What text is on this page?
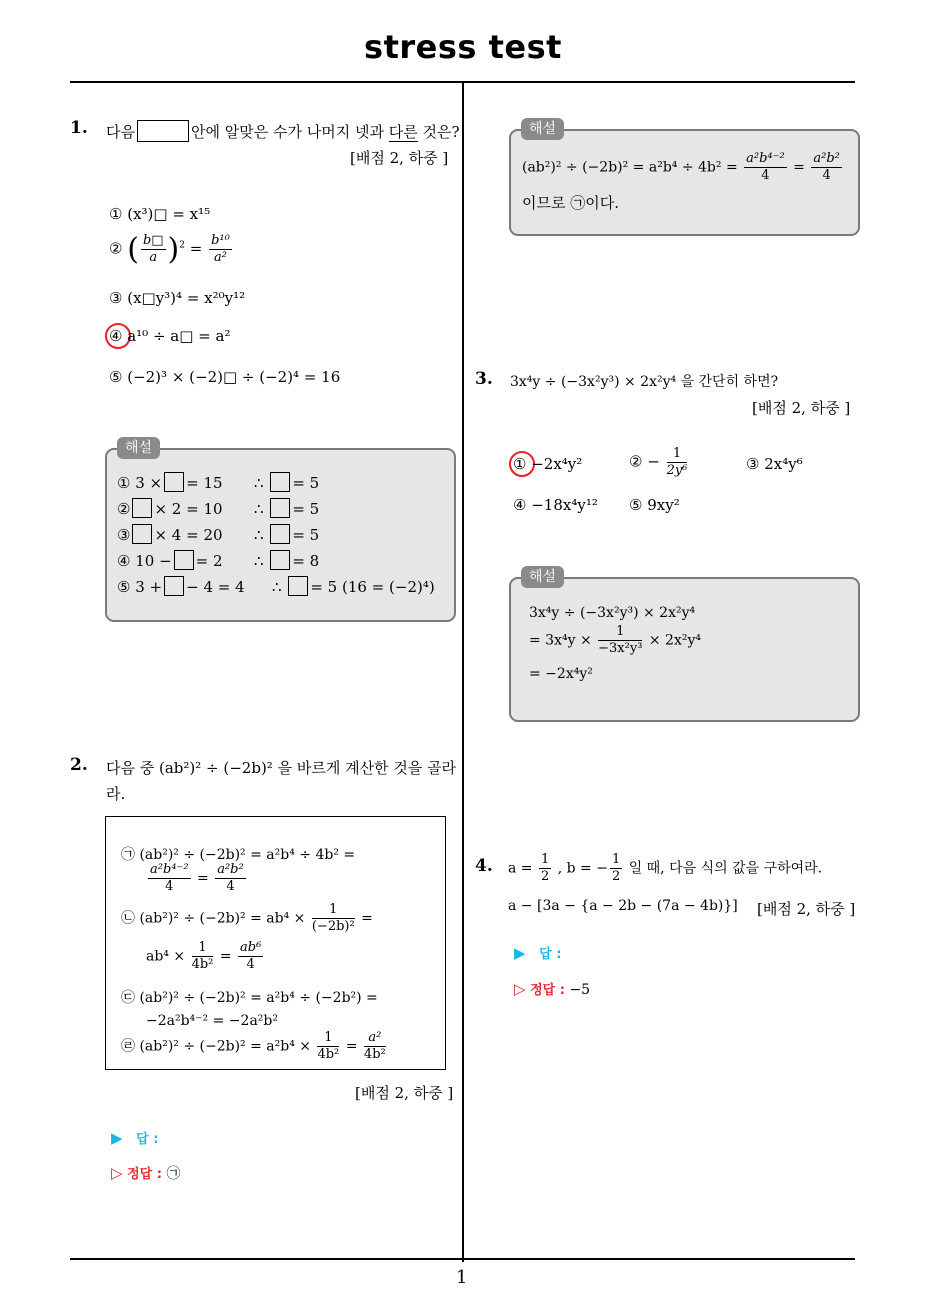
stress test
1
1. 다음	안에 알맞은 수가 나머지 넷과 다른 것은?
[배점 2, 하중 ]
① (x³)□ = x¹⁵
② ( $\frac{b□}{a} )^2 = \frac{\text{b¹⁰}}{\text{a²}}$
③ (x□y³)⁴ = x²⁰y¹²
④ a¹⁰ ÷ a□ = a²
⑤ (−2)³ × (−2)□ ÷ (−2)⁴ = 16
해설
① 3 × = 15 ∴ = 5
② × 2 = 10 ∴ = 5
③ × 4 = 20 ∴ = 5
④ 10 − = 2 ∴ = 8
⑤ 3 + − 4 = 4 ∴ = 5 (16 = (−2)⁴)
2. 다음 중 (ab²)² ÷ (−2b)² 을 바르게 계산한 것을 골라
라.
㉠ (ab²)² ÷ (−2b)² = a²b⁴ ÷ 4b² =
$\frac{\text{a²b⁴⁻²}}{4} = \frac{\text{a²b²}}{4}$
㉡ $(ab^2)^2 \div (-2b)^2 = ab^4 \times \frac{1}{\text{(−2b)²}}$ =
$ab^4 \times \frac{1}{\text{4b²}} = \frac{\text{ab⁶}}{4}$
㉢ (ab²)² ÷ (−2b)² = a²b⁴ ÷ (−2b²) =
−2a²b⁴⁻² = −2a²b²
㉣ $(ab^2)^2 \div (-2b)^2 = a^2b^4 \times \frac{1}{\text{4b²}} = \frac{\text{a²}}{\text{4b²}}$
[배점 2, 하중 ]
▶ 답 :
▷ 정답 : ㉠
해설
$(ab^2)^2 \div (-2b)^2 = a^2b^4 \div 4b^2 = \frac{\text{a²b⁴⁻²}}{4} = \frac{\text{a²b²}}{4}$
이므로 ㉠이다.
3. 3x⁴y ÷ (−3x²y³) × 2x²y⁴ 을 간단히 하면?
[배점 2, 하중 ]
① −2x⁴y²	② − $\frac{1}{\text{2y⁶}}$	③ 2x⁴y⁶
④ −18x⁴y¹² ⑤ 9xy²
해설
3x⁴y ÷ (−3x²y³) × 2x²y⁴
= $3x^4y \times \frac{1}{\text{−3x²y³}} \times 2x^2y^4$
= −2x⁴y²
4. $a = \frac{1}{2}$ , b = − $\frac{1}{2}$ 일 때, 다음 식의 값을 구하여라.
a − [3a − {a − 2b − (7a − 4b)}] [배점 2, 하중 ]
▶ 답 :
▷ 정답 : −5
